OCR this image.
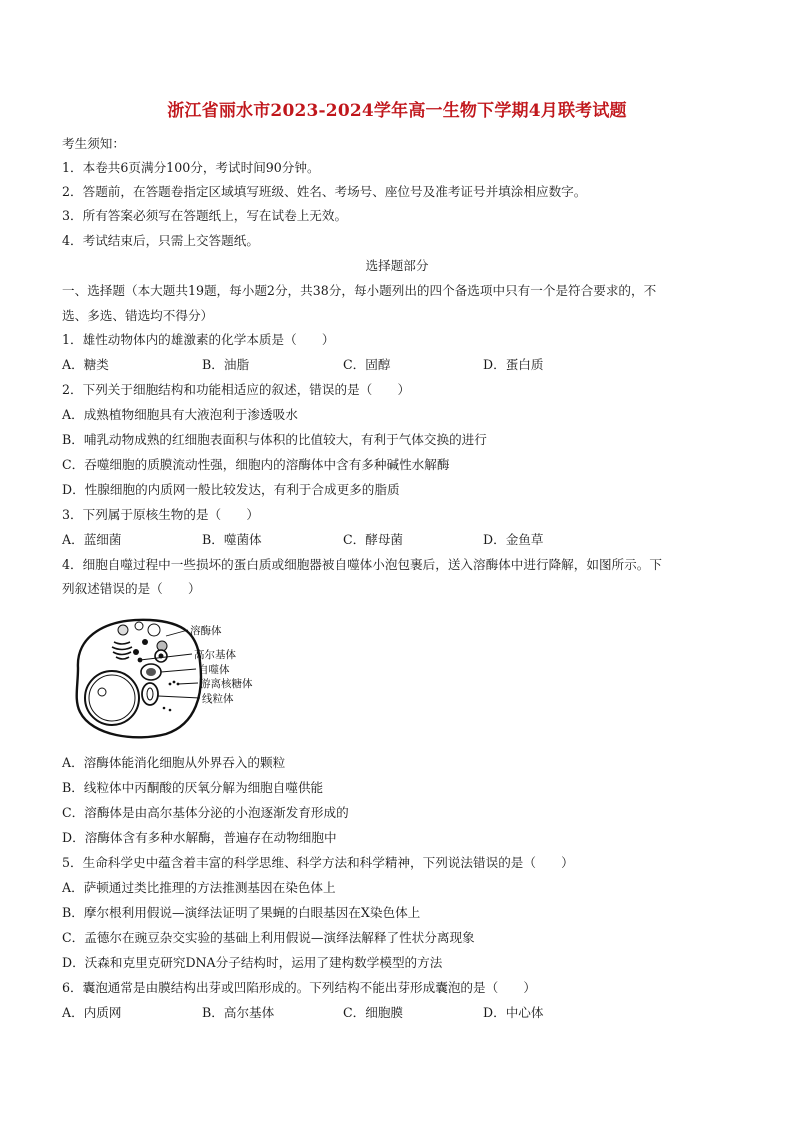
浙江省丽水市2023-2024学年高一生物下学期4月联考试题
考生须知：
1．本卷共6页满分100分，考试时间90分钟。
2．答题前，在答题卷指定区域填写班级、姓名、考场号、座位号及准考证号并填涂相应数字。
3．所有答案必须写在答题纸上，写在试卷上无效。
4．考试结束后，只需上交答题纸。
选择题部分
一、选择题（本大题共19题，每小题2分，共38分，每小题列出的四个备选项中只有一个是符合要求的，不
选、多选、错选均不得分）
1．雄性动物体内的雄激素的化学本质是（　　）
A．糖类	B．油脂	C．固醇	D．蛋白质
2．下列关于细胞结构和功能相适应的叙述，错误的是（　　）
A．成熟植物细胞具有大液泡利于渗透吸水
B．哺乳动物成熟的红细胞表面积与体积的比值较大，有利于气体交换的进行
C．吞噬细胞的质膜流动性强，细胞内的溶酶体中含有多种碱性水解酶
D．性腺细胞的内质网一般比较发达，有利于合成更多的脂质
3．下列属于原核生物的是（　　）
A．蓝细菌	B．噬菌体	C．酵母菌	D．金鱼草
4．细胞自噬过程中一些损坏的蛋白质或细胞器被自噬体小泡包裹后，送入溶酶体中进行降解，如图所示。下
列叙述错误的是（　　）
溶酶体
高尔基体
自噬体
游离核糖体
线粒体
A．溶酶体能消化细胞从外界吞入的颗粒
B．线粒体中丙酮酸的厌氧分解为细胞自噬供能
C．溶酶体是由高尔基体分泌的小泡逐渐发育形成的
D．溶酶体含有多种水解酶，普遍存在动物细胞中
5．生命科学史中蕴含着丰富的科学思维、科学方法和科学精神，下列说法错误的是（　　）
A．萨顿通过类比推理的方法推测基因在染色体上
B．摩尔根利用假说—演绎法证明了果蝇的白眼基因在X染色体上
C．孟德尔在豌豆杂交实验的基础上利用假说—演绎法解释了性状分离现象
D．沃森和克里克研究DNA分子结构时，运用了建构数学模型的方法
6．囊泡通常是由膜结构出芽或凹陷形成的。下列结构不能出芽形成囊泡的是（　　）
A．内质网	B．高尔基体	C．细胞膜	D．中心体
